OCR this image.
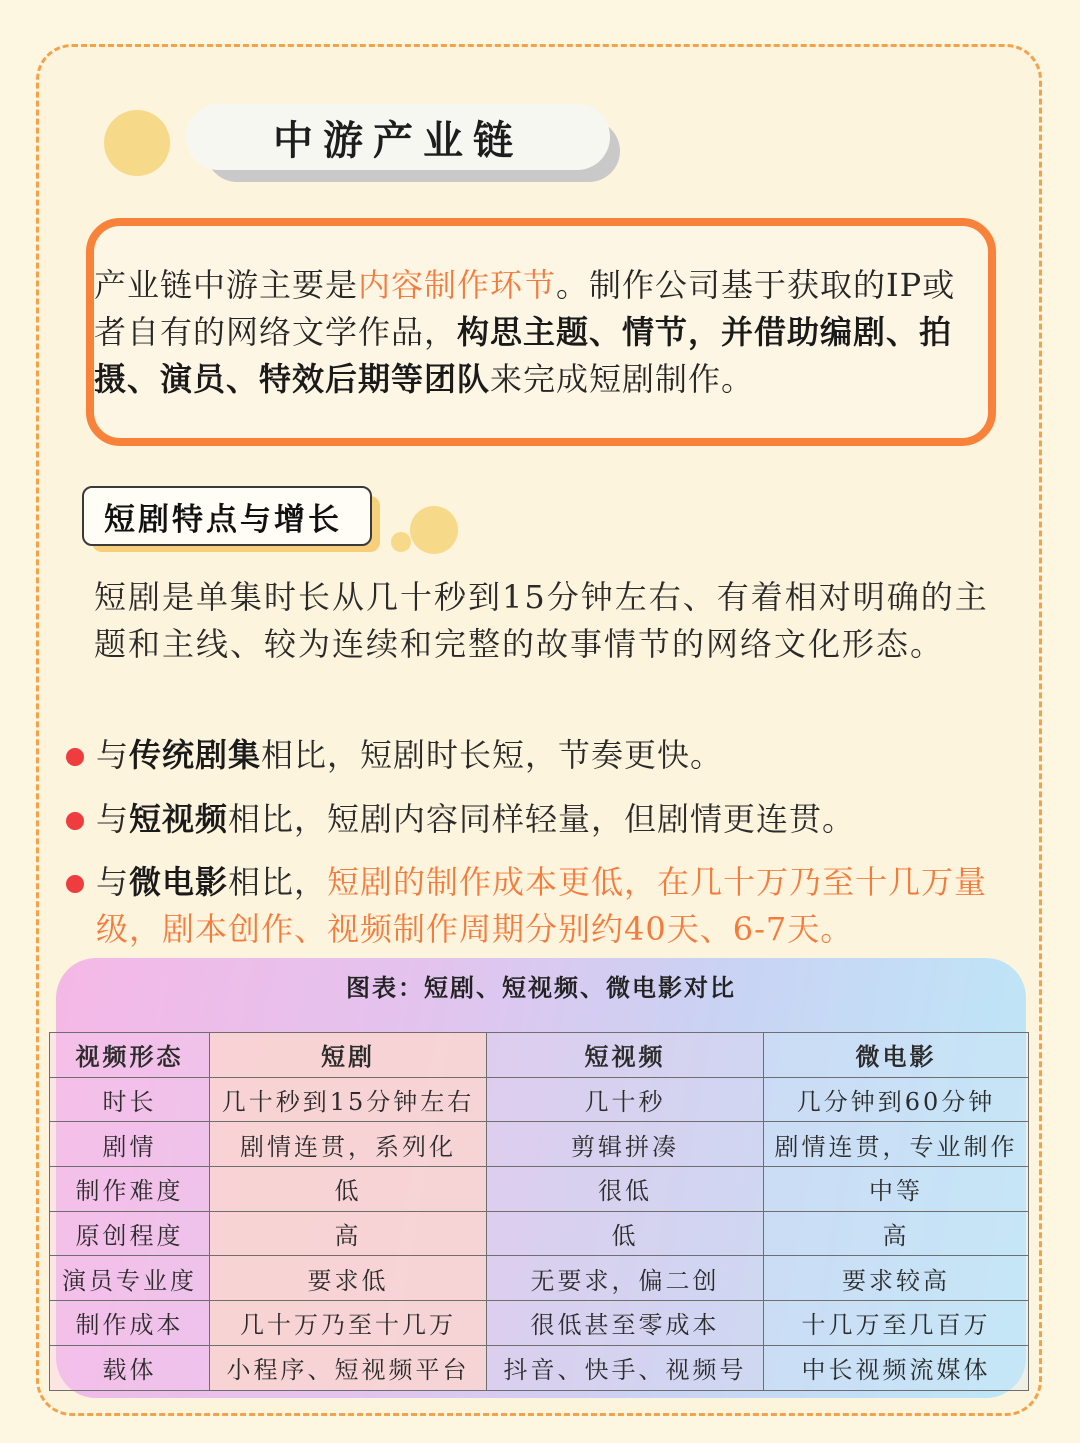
中游产业链
产业链中游主要是内容制作环节。制作公司基于获取的IP或者自有的网络文学作品，构思主题、情节，并借助编剧、拍摄、演员、特效后期等团队来完成短剧制作。
短剧特点与增长
短剧是单集时长从几十秒到15分钟左右、有着相对明确的主题和主线、较为连续和完整的故事情节的网络文化形态。
与传统剧集相比，短剧时长短，节奏更快。
与短视频相比，短剧内容同样轻量，但剧情更连贯。
与微电影相比，短剧的制作成本更低，在几十万乃至十几万量级，剧本创作、视频制作周期分别约40天、6-7天。
图表：短剧、短视频、微电影对比
视频形态	短剧	短视频	微电影
时长	几十秒到15分钟左右	几十秒	几分钟到60分钟
剧情	剧情连贯，系列化	剪辑拼凑	剧情连贯，专业制作
制作难度	低	很低	中等
原创程度	高	低	高
演员专业度	要求低	无要求，偏二创	要求较高
制作成本	几十万乃至十几万	很低甚至零成本	十几万至几百万
载体	小程序、短视频平台	抖音、快手、视频号	中长视频流媒体
